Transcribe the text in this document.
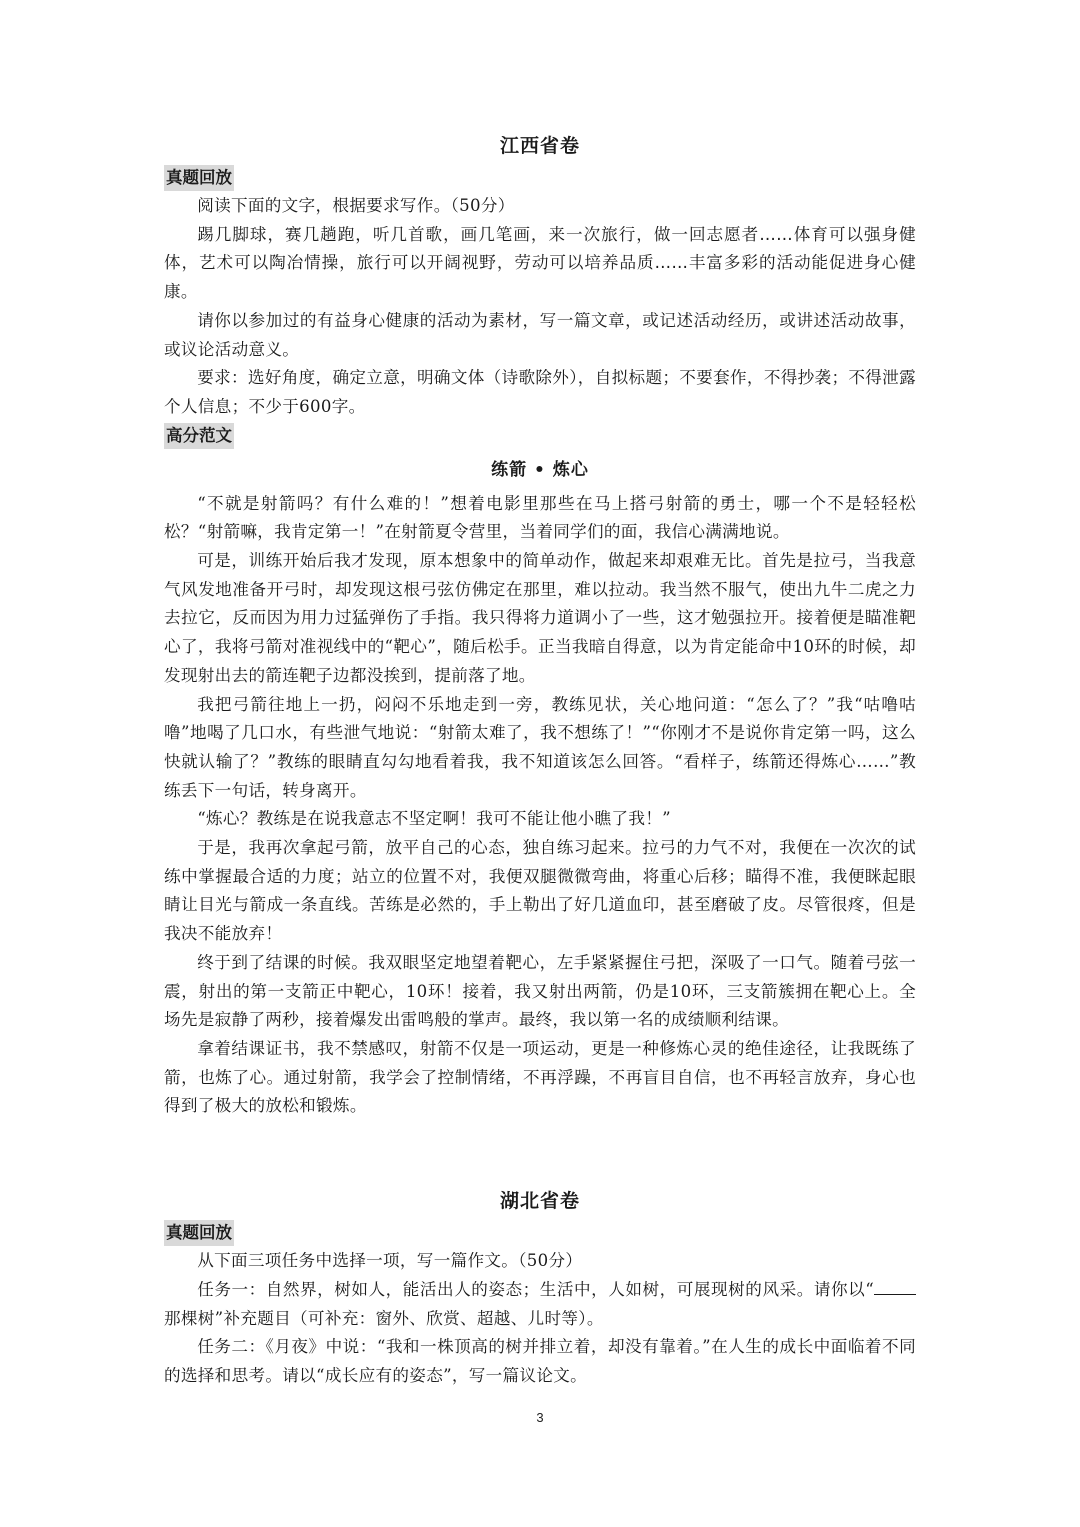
江西省卷
真题回放

阅读下面的文字，根据要求写作。（50分）

踢几脚球，赛几趟跑，听几首歌，画几笔画，来一次旅行，做一回志愿者……体育可以强身健体，艺术可以陶冶情操，旅行可以开阔视野，劳动可以培养品质……丰富多彩的活动能促进身心健康。

请你以参加过的有益身心健康的活动为素材，写一篇文章，或记述活动经历，或讲述活动故事，或议论活动意义。

要求：选好角度，确定立意，明确文体（诗歌除外），自拟标题；不要套作，不得抄袭；不得泄露个人信息；不少于600字。

高分范文
练箭 • 炼心

“不就是射箭吗？有什么难的！”想着电影里那些在马上搭弓射箭的勇士，哪一个不是轻轻松松？“射箭嘛，我肯定第一！”在射箭夏令营里，当着同学们的面，我信心满满地说。

可是，训练开始后我才发现，原本想象中的简单动作，做起来却艰难无比。首先是拉弓，当我意气风发地准备开弓时，却发现这根弓弦仿佛定在那里，难以拉动。我当然不服气，使出九牛二虎之力去拉它，反而因为用力过猛弹伤了手指。我只得将力道调小了一些，这才勉强拉开。接着便是瞄准靶心了，我将弓箭对准视线中的“靶心”，随后松手。正当我暗自得意，以为肯定能命中10环的时候，却发现射出去的箭连靶子边都没挨到，提前落了地。

我把弓箭往地上一扔，闷闷不乐地走到一旁，教练见状，关心地问道：“怎么了？”我“咕噜咕噜”地喝了几口水，有些泄气地说：“射箭太难了，我不想练了！”“你刚才不是说你肯定第一吗，这么快就认输了？”教练的眼睛直勾勾地看着我，我不知道该怎么回答。“看样子，练箭还得炼心……”教练丢下一句话，转身离开。

“炼心？教练是在说我意志不坚定啊！我可不能让他小瞧了我！”

于是，我再次拿起弓箭，放平自己的心态，独自练习起来。拉弓的力气不对，我便在一次次的试练中掌握最合适的力度；站立的位置不对，我便双腿微微弯曲，将重心后移；瞄得不准，我便眯起眼睛让目光与箭成一条直线。苦练是必然的，手上勒出了好几道血印，甚至磨破了皮。尽管很疼，但是我决不能放弃！

终于到了结课的时候。我双眼坚定地望着靶心，左手紧紧握住弓把，深吸了一口气。随着弓弦一震，射出的第一支箭正中靶心，10环！接着，我又射出两箭，仍是10环，三支箭簇拥在靶心上。全场先是寂静了两秒，接着爆发出雷鸣般的掌声。最终，我以第一名的成绩顺利结课。

拿着结课证书，我不禁感叹，射箭不仅是一项运动，更是一种修炼心灵的绝佳途径，让我既练了箭，也炼了心。通过射箭，我学会了控制情绪，不再浮躁，不再盲目自信，也不再轻言放弃，身心也得到了极大的放松和锻炼。

湖北省卷
真题回放

从下面三项任务中选择一项，写一篇作文。（50分）

任务一：自然界，树如人，能活出人的姿态；生活中，人如树，可展现树的风采。请你以“那棵树”补充题目（可补充：窗外、欣赏、超越、儿时等）。

任务二：《月夜》中说：“我和一株顶高的树并排立着，却没有靠着。”在人生的成长中面临着不同的选择和思考。请以“成长应有的姿态”，写一篇议论文。

3
